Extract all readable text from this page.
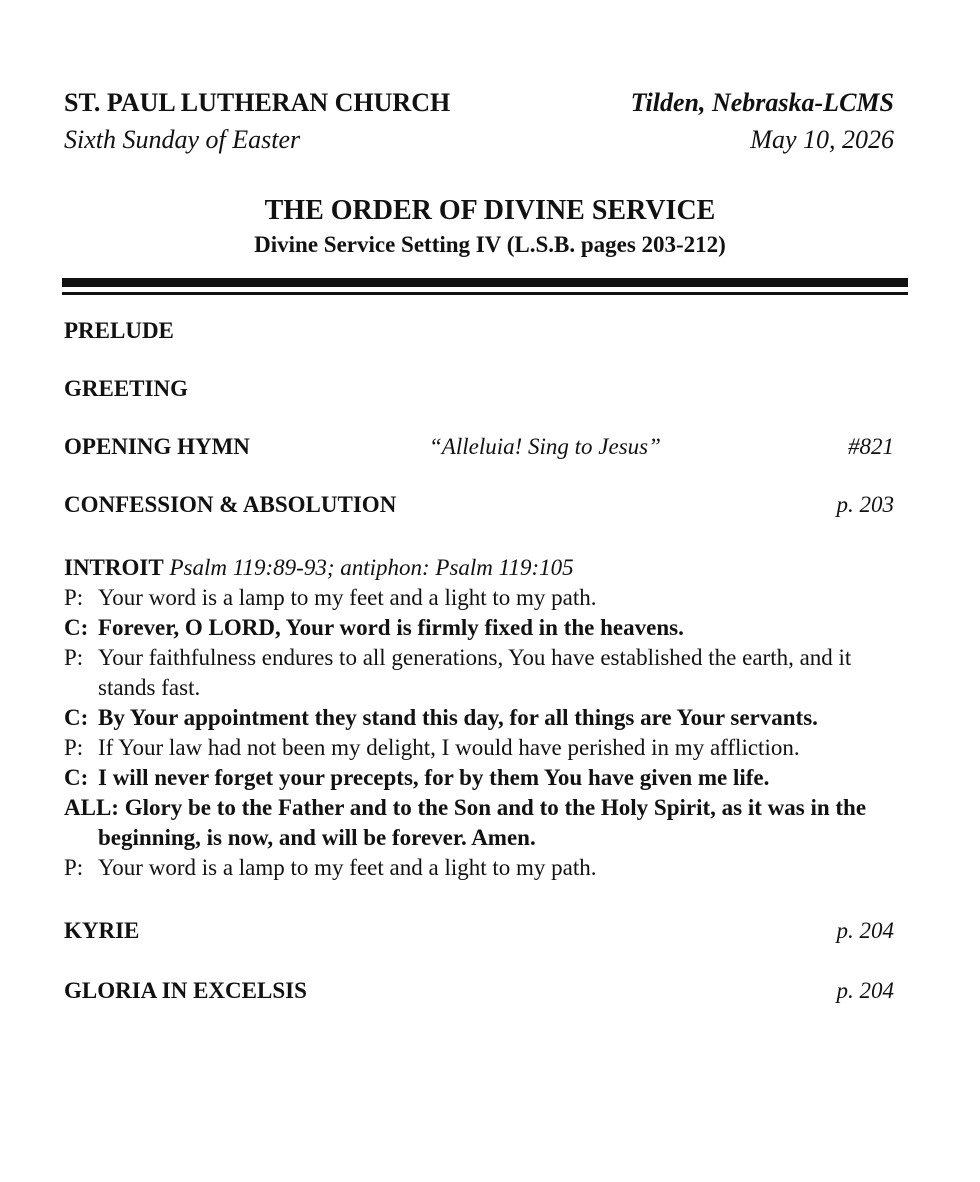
ST. PAUL LUTHERAN CHURCH	Tilden, Nebraska-LCMS
Sixth Sunday of Easter	May 10, 2026
THE ORDER OF DIVINE SERVICE
Divine Service Setting IV (L.S.B. pages 203-212)
PRELUDE
GREETING
OPENING HYMN	“Alleluia! Sing to Jesus”	#821
CONFESSION & ABSOLUTION	p. 203
INTROIT Psalm 119:89-93; antiphon: Psalm 119:105
P: Your word is a lamp to my feet and a light to my path.
C: Forever, O LORD, Your word is firmly fixed in the heavens.
P: Your faithfulness endures to all generations, You have established the earth, and it stands fast.
C: By Your appointment they stand this day, for all things are Your servants.
P: If Your law had not been my delight, I would have perished in my affliction.
C: I will never forget your precepts, for by them You have given me life.
ALL: Glory be to the Father and to the Son and to the Holy Spirit, as it was in the beginning, is now, and will be forever. Amen.
P: Your word is a lamp to my feet and a light to my path.
KYRIE	p. 204
GLORIA IN EXCELSIS	p. 204
